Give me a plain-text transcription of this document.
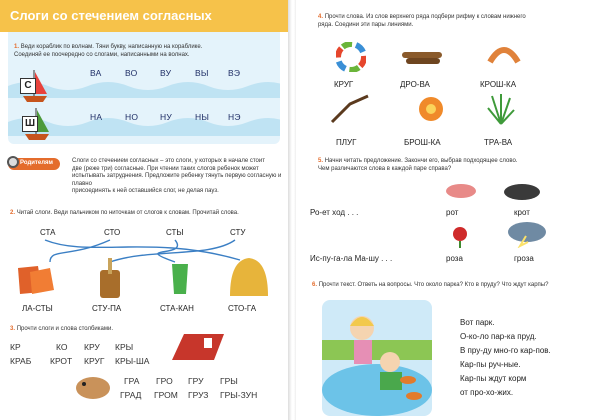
Слоги со стечением согласных
1. Веди кораблик по волнам. Тяни букву, написанную на кораблике.
Соединяй ее поочередно со слогами, написанными на волнах.
С
Ш
ВА	ВО	ВУ	ВЫ ВЭ
НА	НО	НУ	НЫ НЭ
Родителям	Слоги со стечением согласных – это слоги, у которых в начале стоит
две (реже три) согласные. При чтении таких слогов ребенок может
испытывать затруднения. Предложите ребенку тянуть первую согласную и плавно
присоединять к ней оставшийся слог, не делая пауз.
2. Читай слоги. Веди пальчиком по ниточкам от слогов к словам. Прочитай слова.
СТА	СТО	СТЫ	СТУ
ЛА-СТЫ	СТУ-ПА	СТА-КАН	СТО-ГА
3. Прочти слоги и слова столбиками.
КР	КО КРУ КРЫ
КРАБ КРОТ КРУГ КРЫ-ША
ГРА ГРО ГРУ ГРЫ
ГРАД ГРОМ ГРУЗ ГРЫ-ЗУН
4. Прочти слова. Из слов верхнего ряда подбери рифму к словам нижнего
ряда. Соедини эти пары линиями.
КРУГ	ДРО-ВА	КРОШ-КА
ПЛУГ	БРОШ-КА	ТРА-ВА
5. Начни читать предложение. Закончи его, выбрав подходящее слово.
Чем различаются слова в каждой паре справа?
Ро-ет ход . . .	рот	крот
Ис-пу-га-ла Ма-шу . . .	роза	гроза
6. Прочти текст. Ответь на вопросы. Что около парка? Кто в пруду? Что ждут карпы?
Вот парк.
О-ко-ло пар-ка пруд.
В пру-ду мно-го кар-пов.
Кар-пы руч-ные.
Кар-пы ждут корм
от про-хо-жих.
